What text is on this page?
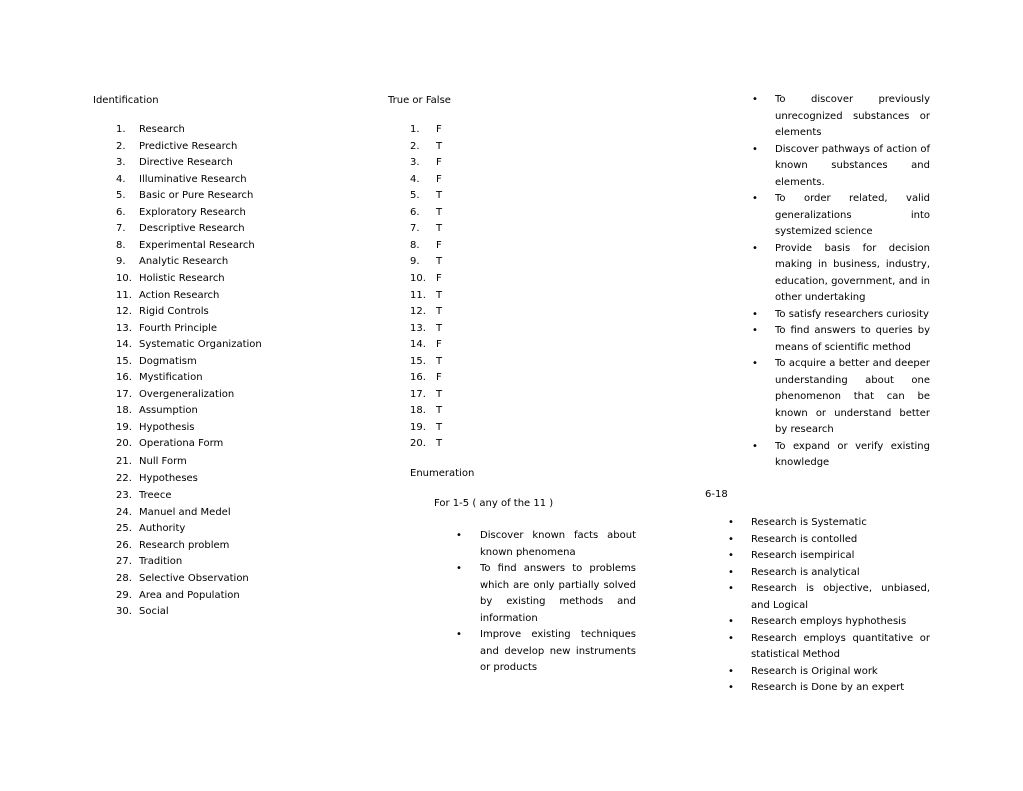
Identification
1. Research
2. Predictive Research
3. Directive Research
4. Illuminative Research
5. Basic or Pure Research
6. Exploratory Research
7. Descriptive Research
8. Experimental Research
9. Analytic Research
10. Holistic Research
11. Action Research
12. Rigid Controls
13. Fourth Principle
14. Systematic Organization
15. Dogmatism
16. Mystification
17. Overgeneralization
18. Assumption
19. Hypothesis
20. Operationa Form
21. Null Form
22. Hypotheses
23. Treece
24. Manuel and Medel
25. Authority
26. Research problem
27. Tradition
28. Selective Observation
29. Area and Population
30. Social
True or False
1. F
2. T
3. F
4. F
5. T
6. T
7. T
8. F
9. T
10. F
11. T
12. T
13. T
14. F
15. T
16. F
17. T
18. T
19. T
20. T
Enumeration
For 1-5 ( any of the 11 )
• Discover known facts about known phenomena
• To find answers to problems which are only partially solved by existing methods and information
• Improve existing techniques and develop new instruments or products
• To discover previously unrecognized substances or elements
• Discover pathways of action of known substances and elements.
• To order related, valid generalizations into systemized science
• Provide basis for decision making in business, industry, education, government, and in other undertaking
• To satisfy researchers curiosity
• To find answers to queries by means of scientific method
• To acquire a better and deeper understanding about one phenomenon that can be known or understand better by research
• To expand or verify existing knowledge
6-18
• Research is Systematic
• Research is contolled
• Research isempirical
• Research is analytical
• Research is objective, unbiased, and Logical
• Research employs hyphothesis
• Research employs quantitative or statistical Method
• Research is Original work
• Research is Done by an expert
